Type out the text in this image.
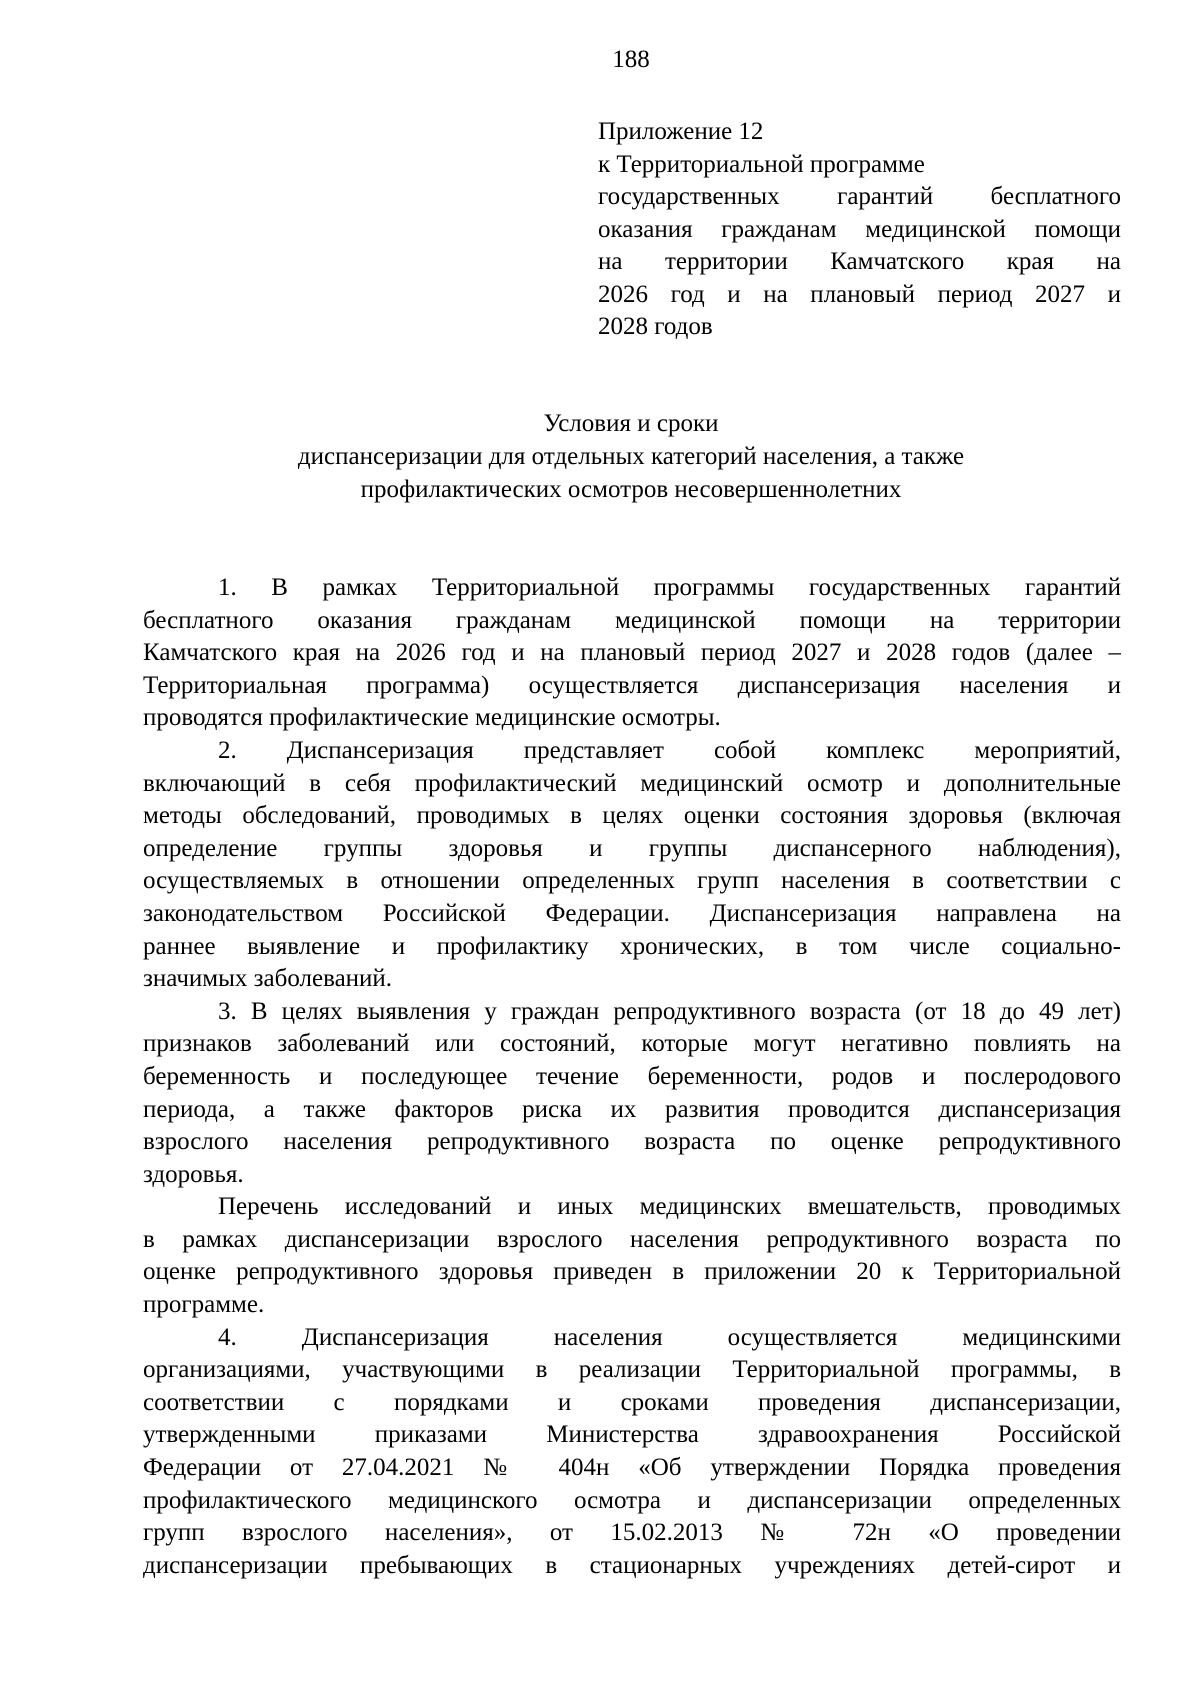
188
Приложение 12
к Территориальной программе
государственных гарантий бесплатного
оказания гражданам медицинской помощи
на территории Камчатского края на
2026 год и на плановый период 2027 и
2028 годов
Условия и сроки
диспансеризации для отдельных категорий населения, а также
профилактических осмотров несовершеннолетних
1. В рамках Территориальной программы государственных гарантий
бесплатного оказания гражданам медицинской помощи на территории
Камчатского края на 2026 год и на плановый период 2027 и 2028 годов (далее –
Территориальная программа) осуществляется диспансеризация населения и
проводятся профилактические медицинские осмотры.
2. Диспансеризация представляет собой комплекс мероприятий,
включающий в себя профилактический медицинский осмотр и дополнительные
методы обследований, проводимых в целях оценки состояния здоровья (включая
определение группы здоровья и группы диспансерного наблюдения),
осуществляемых в отношении определенных групп населения в соответствии с
законодательством Российской Федерации. Диспансеризация направлена на
раннее выявление и профилактику хронических, в том числе социально-
значимых заболеваний.
3. В целях выявления у граждан репродуктивного возраста (от 18 до 49 лет)
признаков заболеваний или состояний, которые могут негативно повлиять на
беременность и последующее течение беременности, родов и послеродового
периода, а также факторов риска их развития проводится диспансеризация
взрослого населения репродуктивного возраста по оценке репродуктивного
здоровья.
Перечень исследований и иных медицинских вмешательств, проводимых
в рамках диспансеризации взрослого населения репродуктивного возраста по
оценке репродуктивного здоровья приведен в приложении 20 к Территориальной
программе.
4. Диспансеризация населения осуществляется медицинскими
организациями, участвующими в реализации Территориальной программы, в
соответствии с порядками и сроками проведения диспансеризации,
утвержденными приказами Министерства здравоохранения Российской
Федерации от 27.04.2021 № 404н «Об утверждении Порядка проведения
профилактического медицинского осмотра и диспансеризации определенных
групп взрослого населения», от 15.02.2013 № 72н «О проведении
диспансеризации пребывающих в стационарных учреждениях детей-сирот и
